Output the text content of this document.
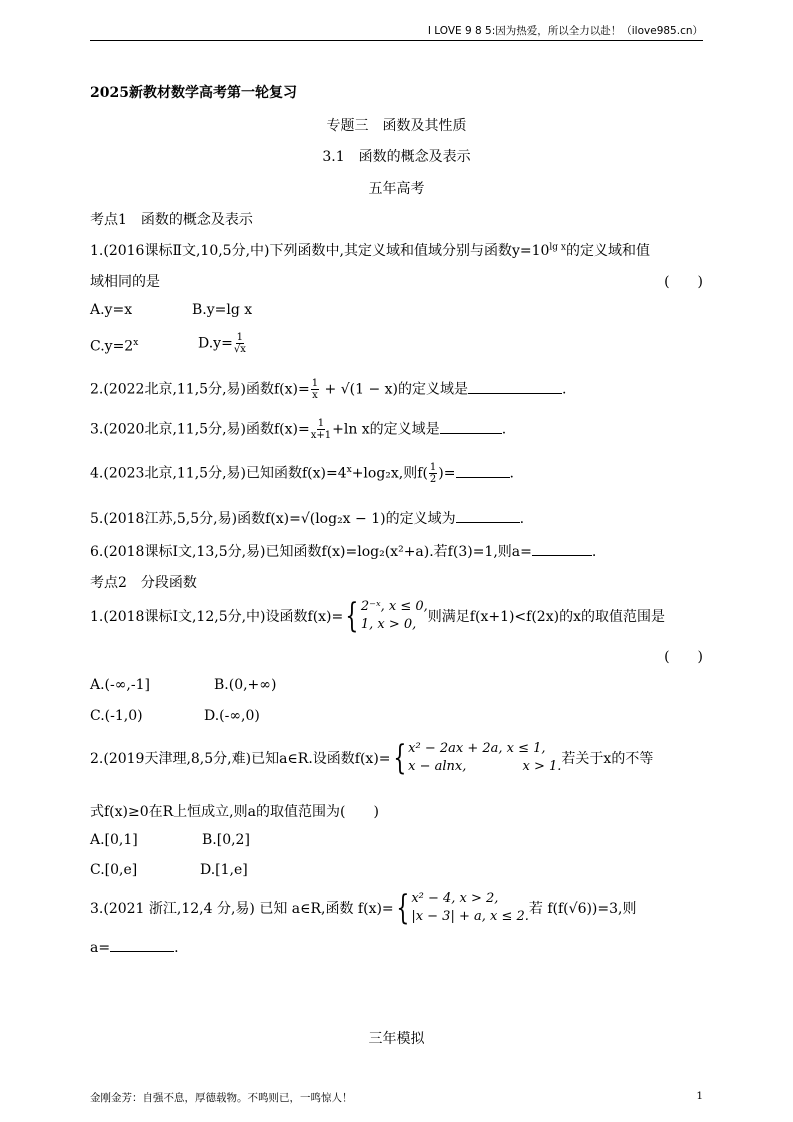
I LOVE 9 8 5:因为热爱，所以全力以赴！（ilove985.cn）
2025新教材数学高考第一轮复习
专题三　函数及其性质
3.1　函数的概念及表示
五年高考
考点1　函数的概念及表示
1.(2016课标Ⅱ文,10,5分,中)下列函数中,其定义域和值域分别与函数$y=10^{lg x}$的定义域和值
域相同的是	(　　)
A.y=x	B.y=lg x
$C.y=2^x$	$D.y= \frac{1}{√x}$
2.(2022北京,11,5分,易)函数$f(x)= \frac{1}{x} + √(1 - x)$的定义域是	.
3.(2020北京,11,5分,易)函数$f(x)= \frac{1}{x+1} +\ln$ x的定义域是	.
4.(2023北京,11,5分,易)已知函数$f(x)=4^x+\log_2x$,则$f( \frac{1}{2}$ )=	.
5.(2018江苏,5,5分,易)函数f(x)=√(log₂x − 1)的定义域为	.
6.(2018课标Ⅰ文,13,5分,易)已知函数f(x)=log₂(x²+a).若f(3)=1,则a=	.
考点2　分段函数
1.(2018课标Ⅰ文,12,5分,中)设函数f(x)={ 2⁻ˣ, x ≤ 0,
1, x > 0, 则满足f(x+1)<f(2x)的x的取值范围是
(　　)
A.(-∞,-1]	B.(0,+∞)
C.(-1,0)	D.(-∞,0)
2.(2019天津理,8,5分,难)已知a∈R.设函数f(x)={ x² − 2ax + 2a, x ≤ 1,
x − alnx,　　　　 x > 1.若关于x的不等
式f(x)≥0在R上恒成立,则a的取值范围为(　　)
A.[0,1]	B.[0,2]
C.[0,e]	D.[1,e]
3.(2021 浙江,12,4 分,易) 已知 a∈R,函数 f(x)={ x² − 4, x > 2,
|x − 3| + a, x ≤ 2.若 f(f(√6))=3,则
a=	.
三年模拟
金刚金芳：自强不息，厚德载物。不鸣则已，一鸣惊人！	1
